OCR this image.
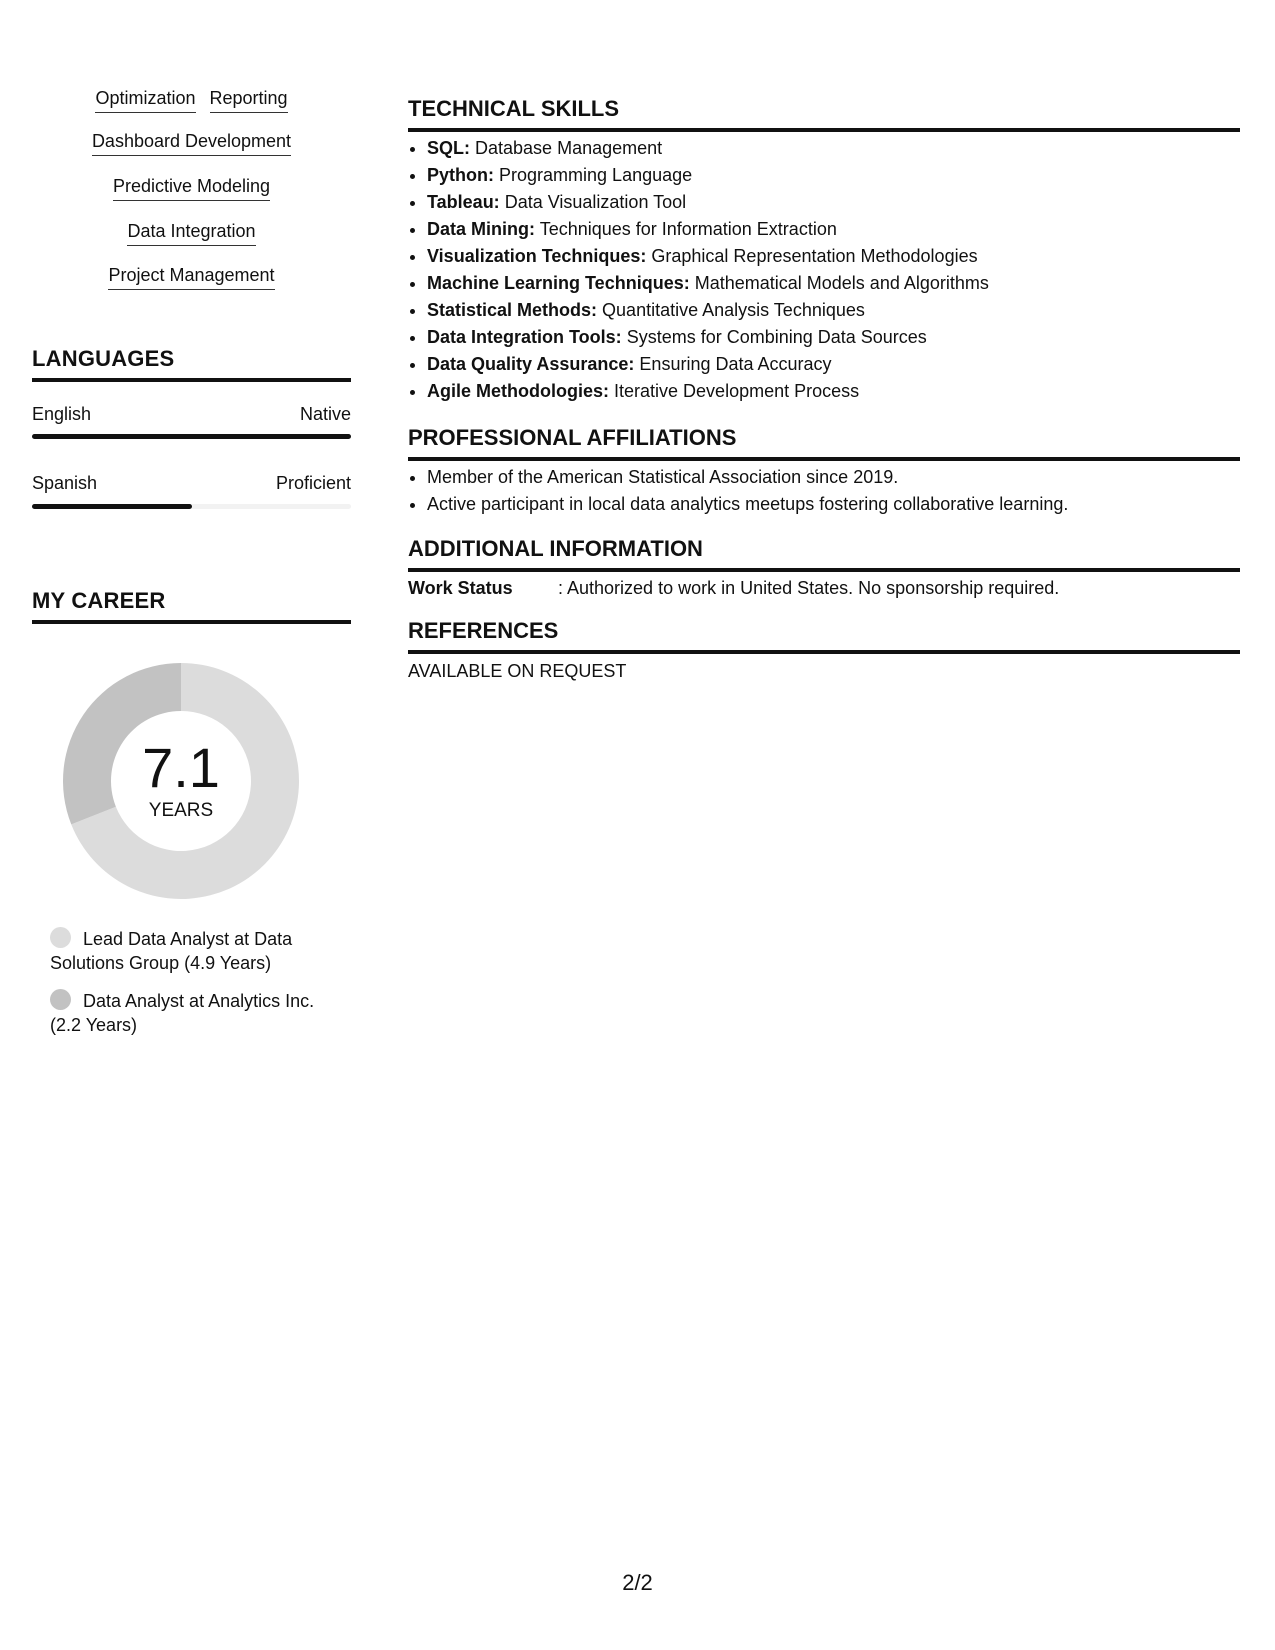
Optimization Reporting
Dashboard Development
Predictive Modeling
Data Integration
Project Management
LANGUAGES
English	Native
Spanish	Proficient
MY CAREER
7.1
YEARS
Lead Data Analyst at Data Solutions Group (4.9 Years)
Data Analyst at Analytics Inc. (2.2 Years)
TECHNICAL SKILLS
• SQL: Database Management
• Python: Programming Language
• Tableau: Data Visualization Tool
• Data Mining: Techniques for Information Extraction
• Visualization Techniques: Graphical Representation Methodologies
• Machine Learning Techniques: Mathematical Models and Algorithms
• Statistical Methods: Quantitative Analysis Techniques
• Data Integration Tools: Systems for Combining Data Sources
• Data Quality Assurance: Ensuring Data Accuracy
• Agile Methodologies: Iterative Development Process
PROFESSIONAL AFFILIATIONS
• Member of the American Statistical Association since 2019.
• Active participant in local data analytics meetups fostering collaborative learning.
ADDITIONAL INFORMATION
Work Status	: Authorized to work in United States. No sponsorship required.
REFERENCES
AVAILABLE ON REQUEST
2/2
